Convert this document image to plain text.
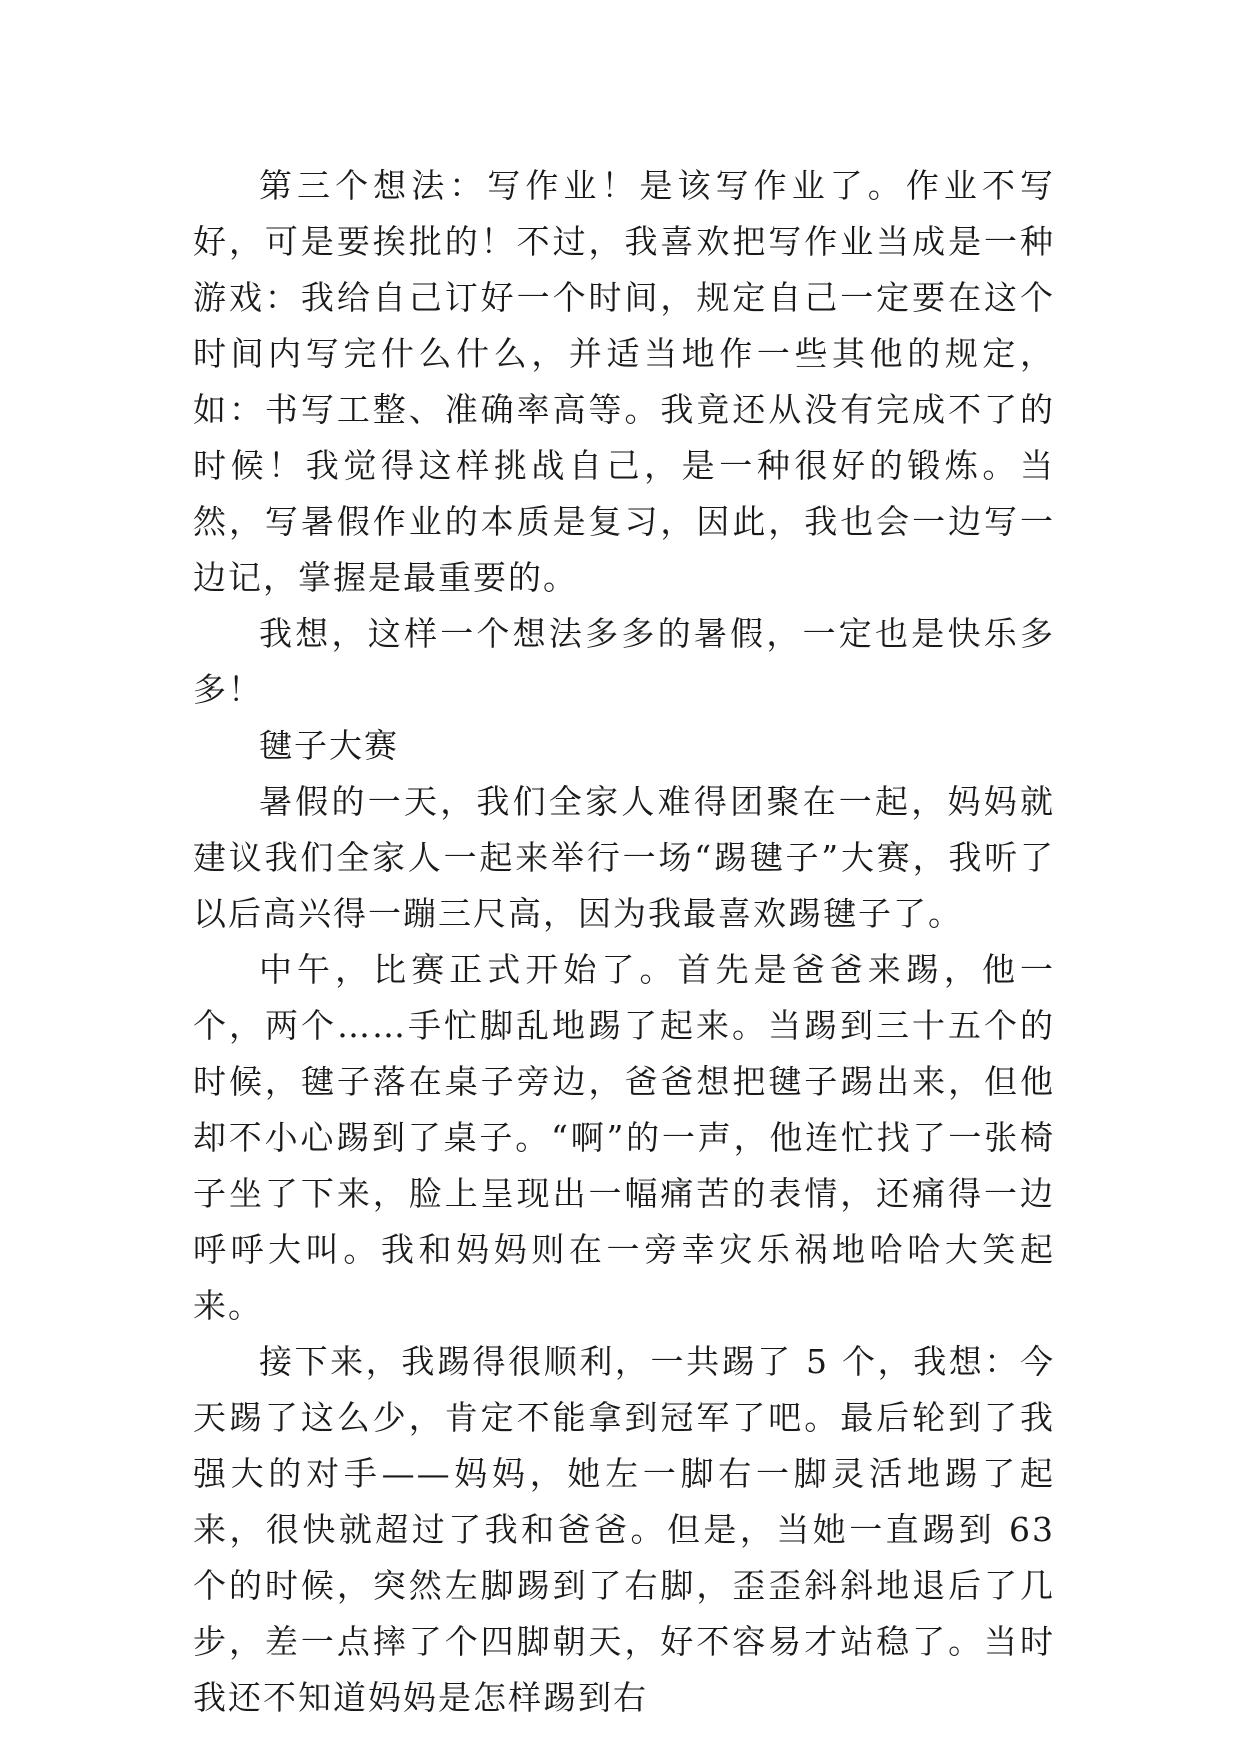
第三个想法：写作业！是该写作业了。作业不写好，可是要挨批的！不过，我喜欢把写作业当成是一种游戏：我给自己订好一个时间，规定自己一定要在这个时间内写完什么什么，并适当地作一些其他的规定，如：书写工整、准确率高等。我竟还从没有完成不了的时候！我觉得这样挑战自己，是一种很好的锻炼。当然，写暑假作业的本质是复习，因此，我也会一边写一边记，掌握是最重要的。

我想，这样一个想法多多的暑假，一定也是快乐多多！

毽子大赛

暑假的一天，我们全家人难得团聚在一起，妈妈就建议我们全家人一起来举行一场“踢毽子”大赛，我听了以后高兴得一蹦三尺高，因为我最喜欢踢毽子了。

中午，比赛正式开始了。首先是爸爸来踢，他一个，两个……手忙脚乱地踢了起来。当踢到三十五个的时候，毽子落在桌子旁边，爸爸想把毽子踢出来，但他却不小心踢到了桌子。“啊”的一声，他连忙找了一张椅子坐了下来，脸上呈现出一幅痛苦的表情，还痛得一边呼呼大叫。我和妈妈则在一旁幸灾乐祸地哈哈大笑起来。

接下来，我踢得很顺利，一共踢了 5 个，我想：今天踢了这么少，肯定不能拿到冠军了吧。最后轮到了我强大的对手——妈妈，她左一脚右一脚灵活地踢了起来，很快就超过了我和爸爸。但是，当她一直踢到 63 个的时候，突然左脚踢到了右脚，歪歪斜斜地退后了几步，差一点摔了个四脚朝天，好不容易才站稳了。当时我还不知道妈妈是怎样踢到右
